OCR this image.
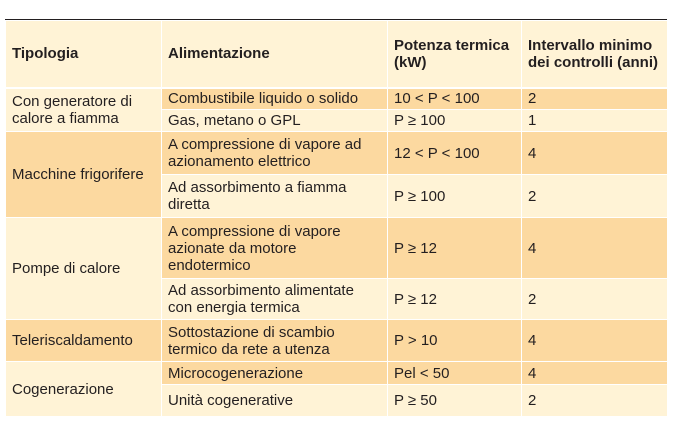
Tipologia	Alimentazione	Potenza termica (kW)	Intervallo minimo dei controlli (anni)
Con generatore di calore a fiamma	Combustibile liquido o solido	10 < P < 100	2
	Gas, metano o GPL	P ≥ 100	1
Macchine frigorifere	A compressione di vapore ad azionamento elettrico	12 < P < 100	4
	Ad assorbimento a fiamma diretta	P ≥ 100	2
Pompe di calore	A compressione di vapore azionate da motore endotermico	P ≥ 12	4
	Ad assorbimento alimentate con energia termica	P ≥ 12	2
Teleriscaldamento	Sottostazione di scambio termico da rete a utenza	P > 10	4
Cogenerazione	Microcogenerazione	Pel < 50	4
	Unità cogenerative	P ≥ 50	2
